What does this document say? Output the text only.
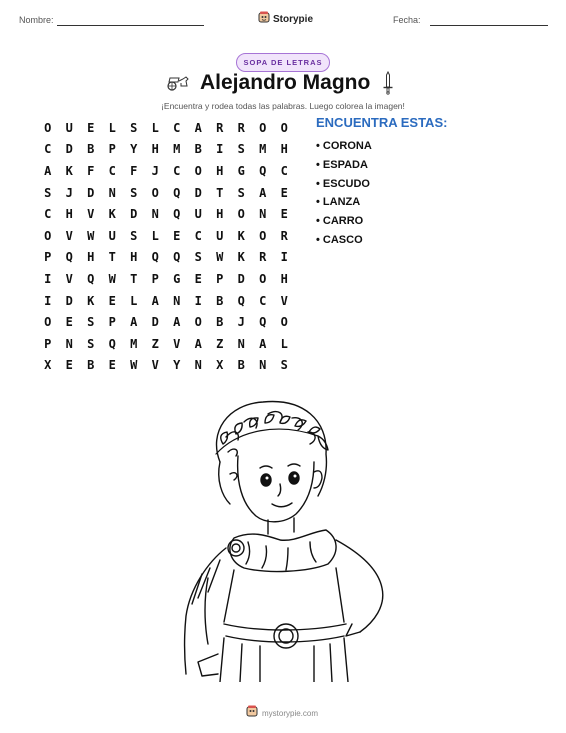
Nombre:	Storypie	Fecha:
SOPA DE LETRAS
Alejandro Magno
¡Encuentra y rodea todas las palabras. Luego colorea la imagen!
O	U	E	L	S	L	C	A	R	R	O	O
C	D	B	P	Y	H	M	B	I	S	M	H
A	K	F	C	F	J	C	O	H	G	Q	C
S	J	D	N	S	O	Q	D	T	S	A	E
C	H	V	K	D	N	Q	U	H	O	N	E
O	V	W	U	S	L	E	C	U	K	O	R
P	Q	H	T	H	Q	Q	S	W	K	R	I
I	V	Q	W	T	P	G	E	P	D	O	H
I	D	K	E	L	A	N	I	B	Q	C	V
O	E	S	P	A	D	A	O	B	J	Q	O
P	N	S	Q	M	Z	V	A	Z	N	A	L
X	E	B	E	W	V	Y	N	X	B	N	S
ENCUENTRA ESTAS:
• CORONA
• ESPADA
• ESCUDO
• LANZA
• CARRO
• CASCO
mystorypie.com
